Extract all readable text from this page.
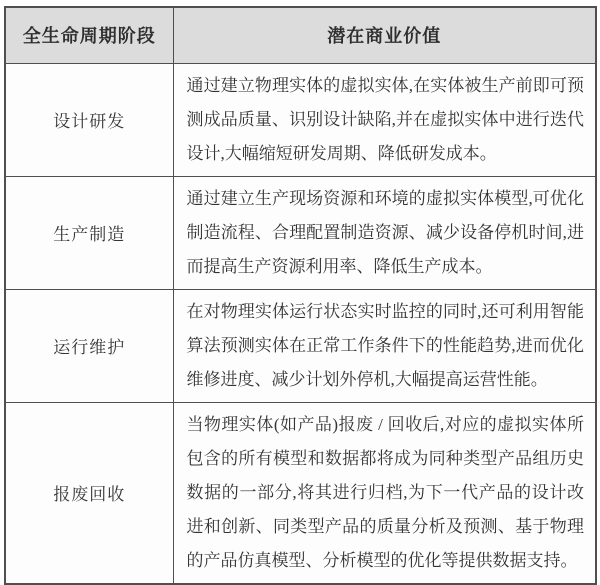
全生命周期阶段	潜在商业价值
设计研发	通过建立物理实体的虚拟实体,在实体被生产前即可预测成品质量、识别设计缺陷,并在虚拟实体中进行迭代设计,大幅缩短研发周期、降低研发成本。
生产制造	通过建立生产现场资源和环境的虚拟实体模型,可优化制造流程、合理配置制造资源、减少设备停机时间,进而提高生产资源利用率、降低生产成本。
运行维护	在对物理实体运行状态实时监控的同时,还可利用智能算法预测实体在正常工作条件下的性能趋势,进而优化维修进度、减少计划外停机,大幅提高运营性能。
报废回收	当物理实体(如产品)报废 / 回收后,对应的虚拟实体所包含的所有模型和数据都将成为同种类型产品组历史数据的一部分,将其进行归档,为下一代产品的设计改进和创新、同类型产品的质量分析及预测、基于物理的产品仿真模型、分析模型的优化等提供数据支持。
